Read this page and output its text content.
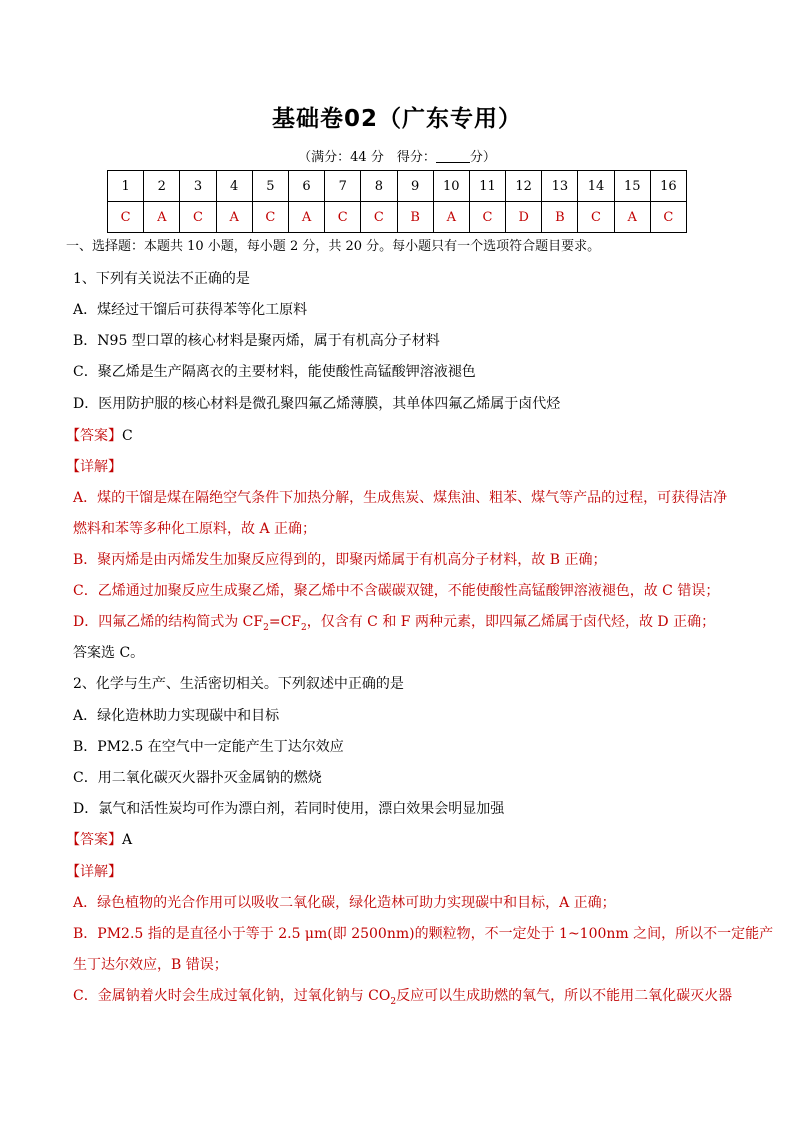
基础卷02（广东专用）
（满分：44 分　得分：	分）
1	2	3	4	5	6	7	8	9	10	11	12	13	14	15	16
C	A	C	A	C	A	C	C	B	A	C	D	B	C	A	C
一、选择题：本题共 10 小题，每小题 2 分，共 20 分。每小题只有一个选项符合题目要求。
1、下列有关说法不正确的是
A．煤经过干馏后可获得苯等化工原料
B．N95 型口罩的核心材料是聚丙烯，属于有机高分子材料
C．聚乙烯是生产隔离衣的主要材料，能使酸性高锰酸钾溶液褪色
D．医用防护服的核心材料是微孔聚四氟乙烯薄膜，其单体四氟乙烯属于卤代烃
【答案】C
【详解】
A．煤的干馏是煤在隔绝空气条件下加热分解，生成焦炭、煤焦油、粗苯、煤气等产品的过程，可获得洁净
燃料和苯等多种化工原料，故 A 正确；
B．聚丙烯是由丙烯发生加聚反应得到的，即聚丙烯属于有机高分子材料，故 B 正确；
C．乙烯通过加聚反应生成聚乙烯，聚乙烯中不含碳碳双键，不能使酸性高锰酸钾溶液褪色，故 C 错误；
D．四氟乙烯的结构简式为 $CF_2=CF_2$，仅含有 C 和 F 两种元素，即四氟乙烯属于卤代烃，故 D 正确；
答案选 C。
2、化学与生产、生活密切相关。下列叙述中正确的是
A．绿化造林助力实现碳中和目标
B．PM2.5 在空气中一定能产生丁达尔效应
C．用二氧化碳灭火器扑灭金属钠的燃烧
D．氯气和活性炭均可作为漂白剂，若同时使用，漂白效果会明显加强
【答案】A
【详解】
A．绿色植物的光合作用可以吸收二氧化碳，绿化造林可助力实现碳中和目标，A 正确；
B．PM2.5 指的是直径小于等于 2.5 μm(即 2500nm)的颗粒物，不一定处于 1~100nm 之间，所以不一定能产
生丁达尔效应，B 错误；
C．金属钠着火时会生成过氧化钠，过氧化钠与 $CO_2$反应可以生成助燃的氧气，所以不能用二氧化碳灭火器
